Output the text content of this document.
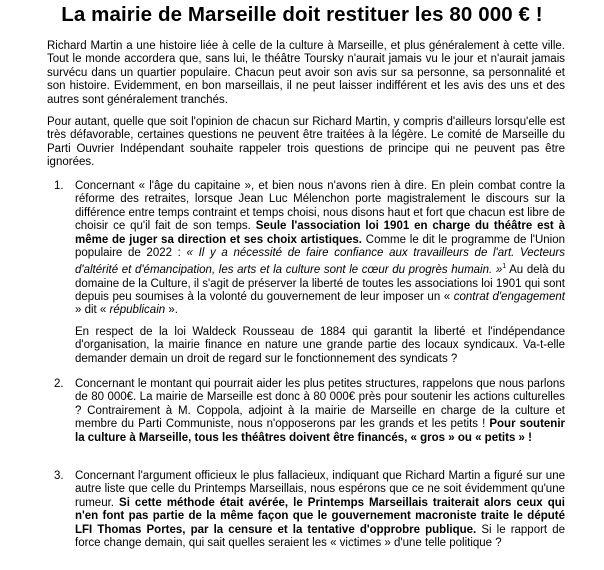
La mairie de Marseille doit restituer les 80 000 € !

Richard Martin a une histoire liée à celle de la culture à Marseille, et plus généralement à cette ville. Tout le monde accordera que, sans lui, le théâtre Toursky n'aurait jamais vu le jour et n'aurait jamais survécu dans un quartier populaire. Chacun peut avoir son avis sur sa personne, sa personnalité et son histoire. Evidemment, en bon marseillais, il ne peut laisser indifférent et les avis des uns et des autres sont généralement tranchés.

Pour autant, quelle que soit l'opinion de chacun sur Richard Martin, y compris d'ailleurs lorsqu'elle est très défavorable, certaines questions ne peuvent être traitées à la légère. Le comité de Marseille du Parti Ouvrier Indépendant souhaite rappeler trois questions de principe qui ne peuvent pas être ignorées.

1. Concernant « l'âge du capitaine », et bien nous n'avons rien à dire. En plein combat contre la réforme des retraites, lorsque Jean Luc Mélenchon porte magistralement le discours sur la différence entre temps contraint et temps choisi, nous disons haut et fort que chacun est libre de choisir ce qu'il fait de son temps. Seule l'association loi 1901 en charge du théâtre est à même de juger sa direction et ses choix artistiques. Comme le dit le programme de l'Union populaire de 2022 : « Il y a nécessité de faire confiance aux travailleurs de l'art. Vecteurs d'altérité et d'émancipation, les arts et la culture sont le cœur du progrès humain. »$^1$ Au delà du domaine de la Culture, il s'agit de préserver la liberté de toutes les associations loi 1901 qui sont depuis peu soumises à la volonté du gouvernement de leur imposer un « contrat d'engagement » dit « républicain ».

En respect de la loi Waldeck Rousseau de 1884 qui garantit la liberté et l'indépendance d'organisation, la mairie finance en nature une grande partie des locaux syndicaux. Va-t-elle demander demain un droit de regard sur le fonctionnement des syndicats ?

2. Concernant le montant qui pourrait aider les plus petites structures, rappelons que nous parlons de 80 000€. La mairie de Marseille est donc à 80 000€ près pour soutenir les actions culturelles ? Contrairement à M. Coppola, adjoint à la mairie de Marseille en charge de la culture et membre du Parti Communiste, nous n'opposerons par les grands et les petits ! Pour soutenir la culture à Marseille, tous les théâtres doivent être financés, « gros » ou « petits » !

3. Concernant l'argument officieux le plus fallacieux, indiquant que Richard Martin a figuré sur une autre liste que celle du Printemps Marseillais, nous espérons que ce ne soit évidemment qu'une rumeur. Si cette méthode était avérée, le Printemps Marseillais traiterait alors ceux qui n'en font pas partie de la même façon que le gouvernement macroniste traite le député LFI Thomas Portes, par la censure et la tentative d'opprobre publique. Si le rapport de force change demain, qui sait quelles seraient les « victimes » d'une telle politique ?
